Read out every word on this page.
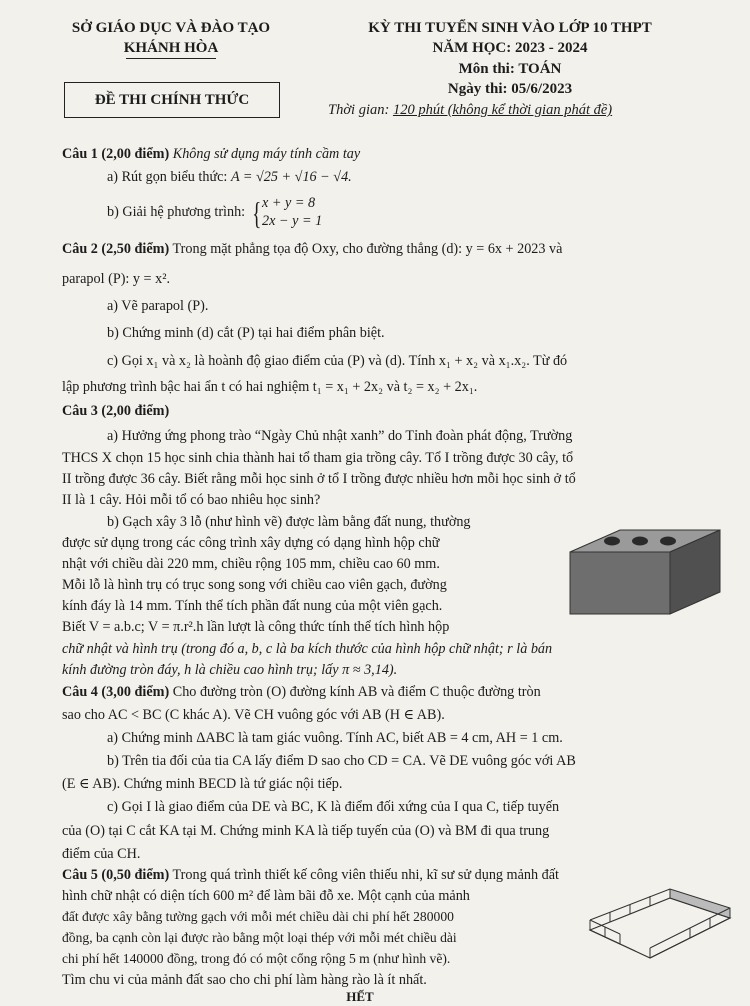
SỞ GIÁO DỤC VÀ ĐÀO TẠO
KHÁNH HÒA
ĐỀ THI CHÍNH THỨC
KỲ THI TUYỂN SINH VÀO LỚP 10 THPT
NĂM HỌC: 2023 - 2024
Môn thi: TOÁN
Ngày thi: 05/6/2023
Thời gian: 120 phút (không kể thời gian phát đề)
Câu 1 (2,00 điểm) Không sử dụng máy tính cầm tay
a) Rút gọn biểu thức: A = √25 + √16 − √4.
b) Giải hệ phương trình: { x + y = 8
2x − y = 1
Câu 2 (2,50 điểm) Trong mặt phẳng tọa độ Oxy, cho đường thẳng (d): y = 6x + 2023 và
parapol (P): y = x².
a) Vẽ parapol (P).
b) Chứng minh (d) cắt (P) tại hai điểm phân biệt.
c) Gọi x₁ và x₂ là hoành độ giao điểm của (P) và (d). Tính x₁ + x₂ và x₁.x₂. Từ đó
lập phương trình bậc hai ẩn t có hai nghiệm t₁ = x₁ + 2x₂ và t₂ = x₂ + 2x₁.
Câu 3 (2,00 điểm)
a) Hưởng ứng phong trào “Ngày Chủ nhật xanh” do Tỉnh đoàn phát động, Trường
THCS X chọn 15 học sinh chia thành hai tổ tham gia trồng cây. Tổ I trồng được 30 cây, tổ
II trồng được 36 cây. Biết rằng mỗi học sinh ở tổ I trồng được nhiều hơn mỗi học sinh ở tổ
II là 1 cây. Hỏi mỗi tổ có bao nhiêu học sinh?
b) Gạch xây 3 lỗ (như hình vẽ) được làm bằng đất nung, thường
được sử dụng trong các công trình xây dựng có dạng hình hộp chữ
nhật với chiều dài 220 mm, chiều rộng 105 mm, chiều cao 60 mm.
Mỗi lỗ là hình trụ có trục song song với chiều cao viên gạch, đường
kính đáy là 14 mm. Tính thể tích phần đất nung của một viên gạch.
Biết V = a.b.c; V = π.r².h lần lượt là công thức tính thể tích hình hộp
chữ nhật và hình trụ (trong đó a, b, c là ba kích thước của hình hộp chữ nhật; r là bán
kính đường tròn đáy, h là chiều cao hình trụ; lấy π ≈ 3,14).
Câu 4 (3,00 điểm) Cho đường tròn (O) đường kính AB và điểm C thuộc đường tròn
sao cho AC < BC (C khác A). Vẽ CH vuông góc với AB (H ∈ AB).
a) Chứng minh ΔABC là tam giác vuông. Tính AC, biết AB = 4 cm, AH = 1 cm.
b) Trên tia đối của tia CA lấy điểm D sao cho CD = CA. Vẽ DE vuông góc với AB
(E ∈ AB). Chứng minh BECD là tứ giác nội tiếp.
c) Gọi I là giao điểm của DE và BC, K là điểm đối xứng của I qua C, tiếp tuyến
của (O) tại C cắt KA tại M. Chứng minh KA là tiếp tuyến của (O) và BM đi qua trung
điểm của CH.
Câu 5 (0,50 điểm) Trong quá trình thiết kế công viên thiếu nhi, kĩ sư sử dụng mảnh đất
hình chữ nhật có diện tích 600 m² để làm bãi đỗ xe. Một cạnh của mảnh
đất được xây bằng tường gạch với mỗi mét chiều dài chi phí hết 280000
đồng, ba cạnh còn lại được rào bằng một loại thép với mỗi mét chiều dài
chi phí hết 140000 đồng, trong đó có một cổng rộng 5 m (như hình vẽ).
Tìm chu vi của mảnh đất sao cho chi phí làm hàng rào là ít nhất.
HẾT
